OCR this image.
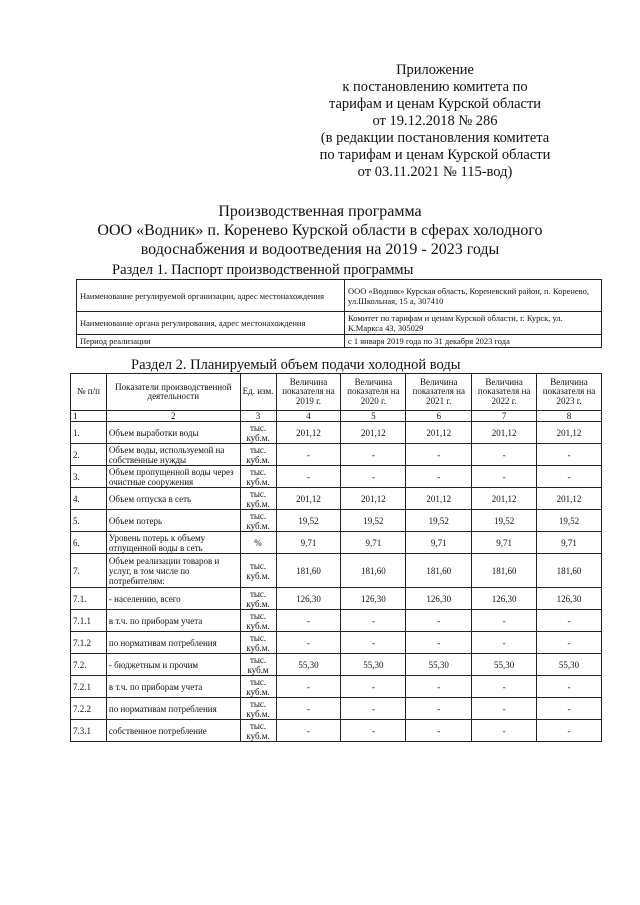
Приложение
к постановлению комитета по
тарифам и ценам Курской области
от 19.12.2018 № 286
(в редакции постановления комитета
по тарифам и ценам Курской области
от 03.11.2021 № 115-вод)
Производственная программа
ООО «Водник» п. Коренево Курской области в сферах холодного
водоснабжения и водоотведения на 2019 - 2023 годы
Раздел 1. Паспорт производственной программы
Наименование регулируемой организации, адрес местонахождения	ООО «Водник» Курская область, Кореневский район, п. Коренево, ул.Школьная, 15 а, 307410
Наименование органа регулирования, адрес местонахождения	Комитет по тарифам и ценам Курской области, г. Курск, ул. К.Маркса 43, 305029
Период реализации	с 1 января 2019 года по 31 декабря 2023 года
Раздел 2. Планируемый объем подачи холодной воды
№ п/п	Показатели производственной деятельности	Ед. изм.	Величина показателя на 2019 г.	Величина показателя на 2020 г.	Величина показателя на 2021 г.	Величина показателя на 2022 г.	Величина показателя на 2023 г.
1	2	3	4	5	6	7	8
1.	Объем выработки воды	тыс. куб.м.	201,12	201,12	201,12	201,12	201,12
2.	Объем воды, используемой на собственные нужды	тыс. куб.м.	-	-	-	-	-
3.	Объем пропущенной воды через очистные сооружения	тыс. куб.м.	-	-	-	-	-
4.	Объем отпуска в сеть	тыс. куб.м.	201,12	201,12	201,12	201,12	201,12
5.	Объем потерь	тыс. куб.м.	19,52	19,52	19,52	19,52	19,52
6.	Уровень потерь к объему отпущенной воды в сеть	%	9,71	9,71	9,71	9,71	9,71
7.	Объем реализации товаров и услуг, в том числе по потребителям:	тыс. куб.м.	181,60	181,60	181,60	181,60	181,60
7.1.	- населению, всего	тыс. куб.м.	126,30	126,30	126,30	126,30	126,30
7.1.1	в т.ч. по приборам учета	тыс. куб.м.	-	-	-	-	-
7.1.2	по нормативам потребления	тыс. куб.м.	-	-	-	-	-
7.2.	- бюджетным и прочим	тыс. куб.м	55,30	55,30	55,30	55,30	55,30
7.2.1	в т.ч. по приборам учета	тыс. куб.м.	-	-	-	-	-
7.2.2	по нормативам потребления	тыс. куб.м.	-	-	-	-	-
7.3.1	собственное потребление	тыс. куб.м.	-	-	-	-	-
